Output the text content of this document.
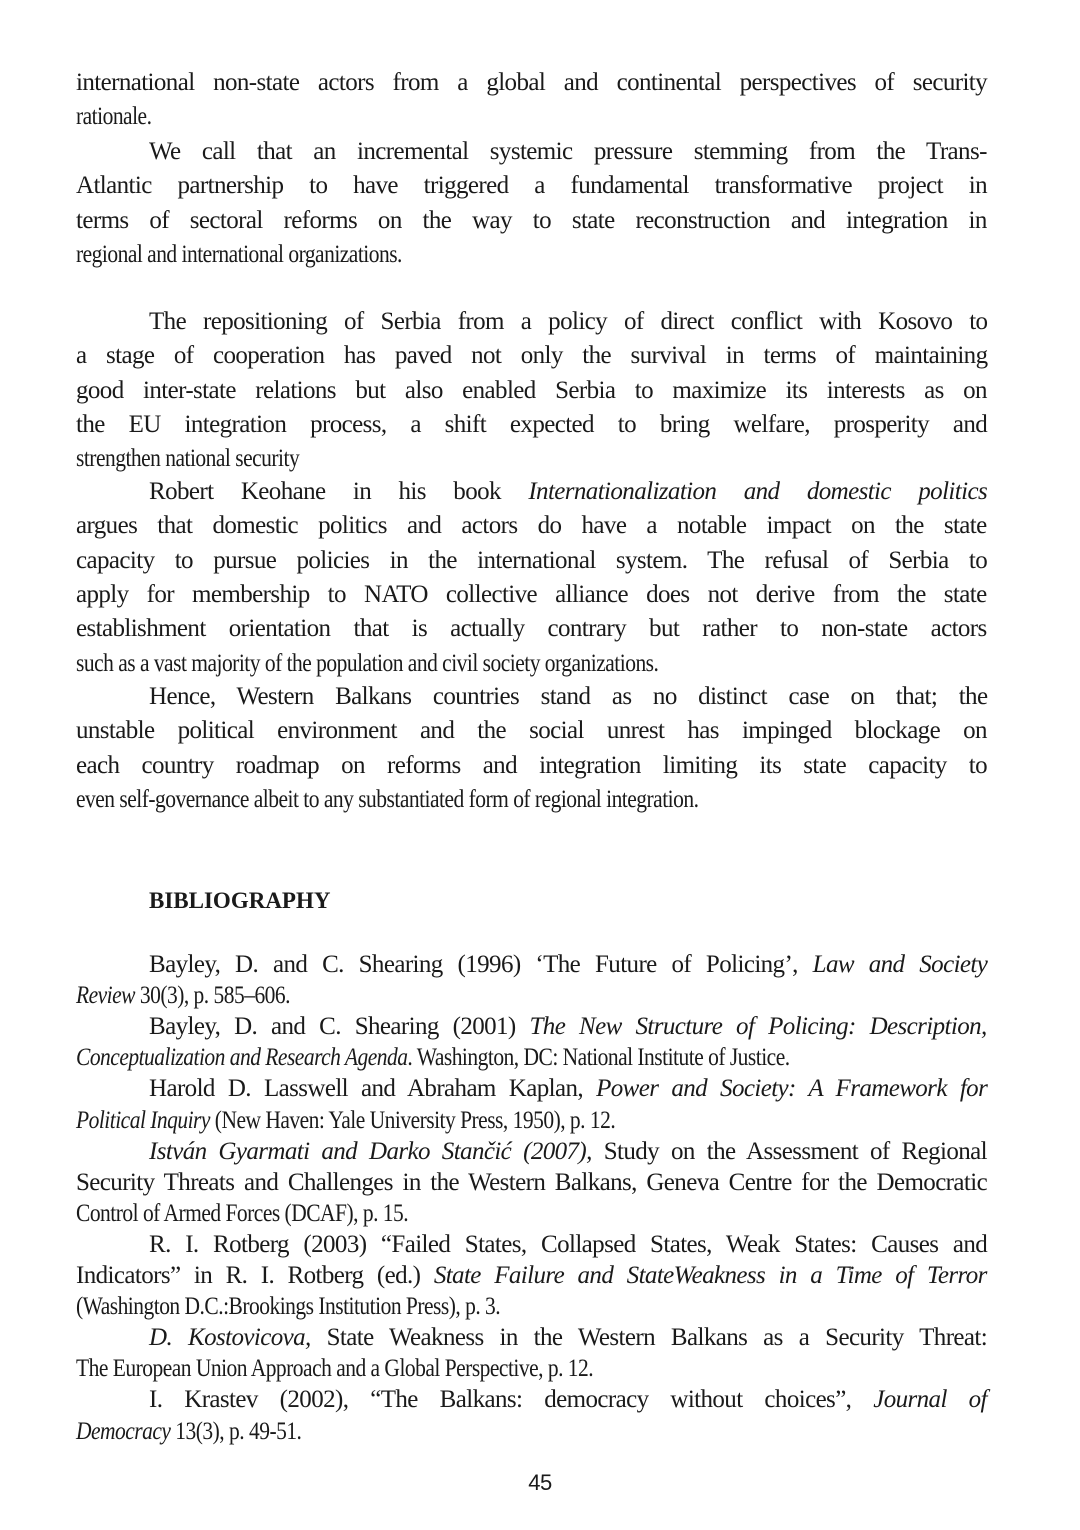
international non-state actors from a global and continental perspectives of security
rationale.
We call that an incremental systemic pressure stemming from the Trans-
Atlantic partnership to have triggered a fundamental transformative project in
terms of sectoral reforms on the way to state reconstruction and integration in
regional and international organizations.
The repositioning of Serbia from a policy of direct conflict with Kosovo to
a stage of cooperation has paved not only the survival in terms of maintaining
good inter-state relations but also enabled Serbia to maximize its interests as on
the EU integration process, a shift expected to bring welfare, prosperity and
strengthen national security
Robert Keohane in his book Internationalization and domestic politics
argues that domestic politics and actors do have a notable impact on the state
capacity to pursue policies in the international system. The refusal of Serbia to
apply for membership to NATO collective alliance does not derive from the state
establishment orientation that is actually contrary but rather to non-state actors
such as a vast majority of the population and civil society organizations.
Hence, Western Balkans countries stand as no distinct case on that; the
unstable political environment and the social unrest has impinged blockage on
each country roadmap on reforms and integration limiting its state capacity to
even self-governance albeit to any substantiated form of regional integration.
BIBLIOGRAPHY
Bayley, D. and C. Shearing (1996) ‘The Future of Policing’, Law and Society
Review 30(3), p. 585–606.
Bayley, D. and C. Shearing (2001) The New Structure of Policing: Description,
Conceptualization and Research Agenda. Washington, DC: National Institute of Justice.
Harold D. Lasswell and Abraham Kaplan, Power and Society: A Framework for
Political Inquiry (New Haven: Yale University Press, 1950), p. 12.
István Gyarmati and Darko Stančić (2007), Study on the Assessment of Regional
Security Threats and Challenges in the Western Balkans, Geneva Centre for the Democratic
Control of Armed Forces (DCAF), p. 15.
R. I. Rotberg (2003) “Failed States, Collapsed States, Weak States: Causes and
Indicators” in R. I. Rotberg (ed.) State Failure and StateWeakness in a Time of Terror
(Washington D.C.:Brookings Institution Press), p. 3.
D. Kostovicova, State Weakness in the Western Balkans as a Security Threat:
The European Union Approach and a Global Perspective, p. 12.
I. Krastev (2002), “The Balkans: democracy without choices”, Journal of
Democracy 13(3), p. 49-51.
45
